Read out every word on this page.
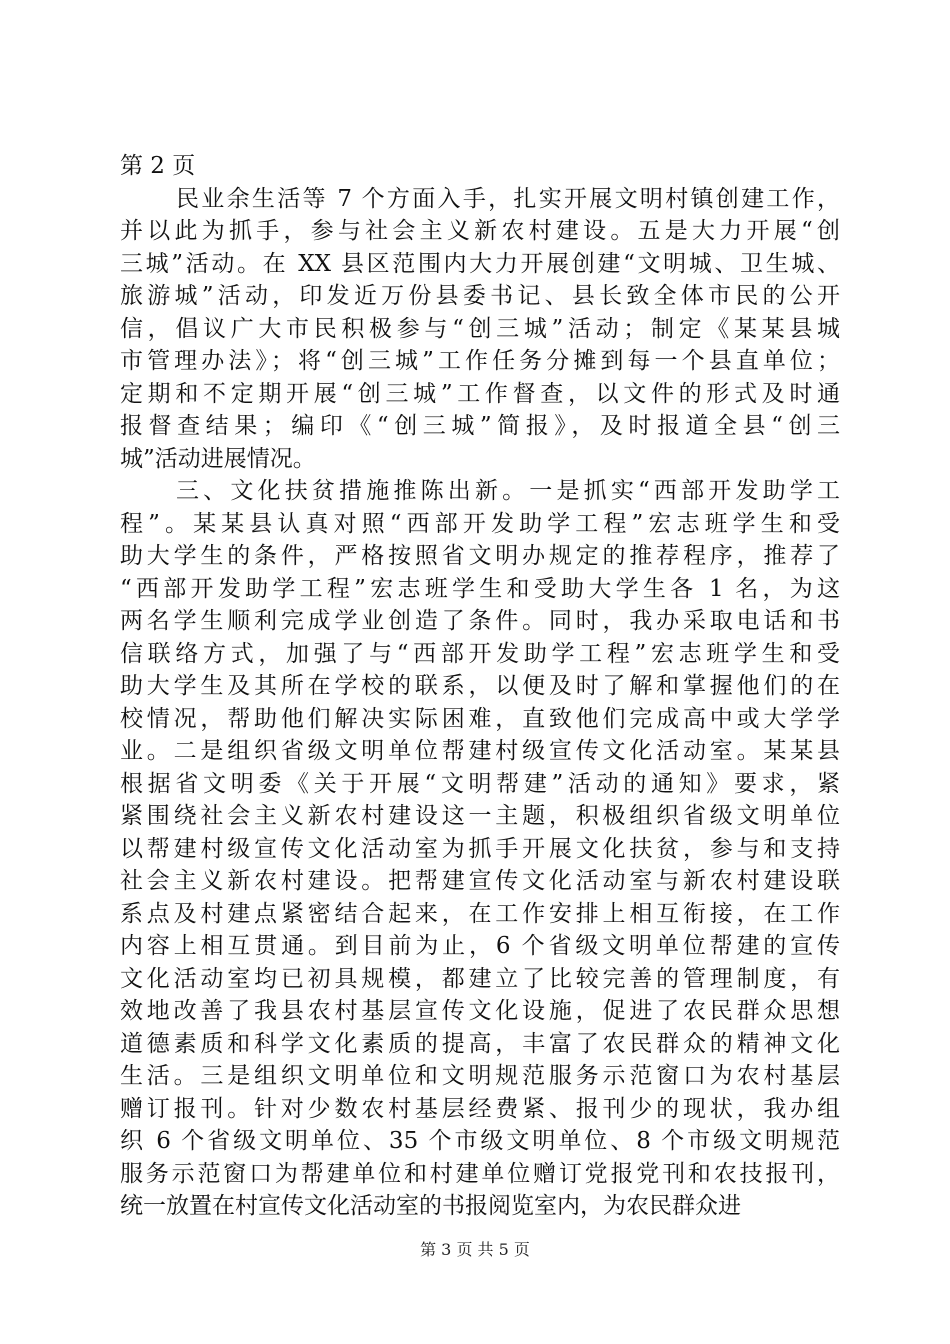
第 2 页
民业余生活等 7 个方面入手，扎实开展文明村镇创建工作，
并以此为抓手，参与社会主义新农村建设。五是大力开展“创
三城”活动。在 XX 县区范围内大力开展创建“文明城、卫生城、
旅游城”活动，印发近万份县委书记、县长致全体市民的公开
信，倡议广大市民积极参与“创三城”活动；制定《某某县城
市管理办法》；将“创三城”工作任务分摊到每一个县直单位；
定期和不定期开展“创三城”工作督查，以文件的形式及时通
报督查结果；编印《“创三城”简报》，及时报道全县“创三
城”活动进展情况。
三、文化扶贫措施推陈出新。一是抓实“西部开发助学工
程”。某某县认真对照“西部开发助学工程”宏志班学生和受
助大学生的条件，严格按照省文明办规定的推荐程序，推荐了
“西部开发助学工程”宏志班学生和受助大学生各 1 名，为这
两名学生顺利完成学业创造了条件。同时，我办采取电话和书
信联络方式，加强了与“西部开发助学工程”宏志班学生和受
助大学生及其所在学校的联系，以便及时了解和掌握他们的在
校情况，帮助他们解决实际困难，直致他们完成高中或大学学
业。二是组织省级文明单位帮建村级宣传文化活动室。某某县
根据省文明委《关于开展“文明帮建”活动的通知》要求，紧
紧围绕社会主义新农村建设这一主题，积极组织省级文明单位
以帮建村级宣传文化活动室为抓手开展文化扶贫，参与和支持
社会主义新农村建设。把帮建宣传文化活动室与新农村建设联
系点及村建点紧密结合起来，在工作安排上相互衔接，在工作
内容上相互贯通。到目前为止，6 个省级文明单位帮建的宣传
文化活动室均已初具规模，都建立了比较完善的管理制度，有
效地改善了我县农村基层宣传文化设施，促进了农民群众思想
道德素质和科学文化素质的提高，丰富了农民群众的精神文化
生活。三是组织文明单位和文明规范服务示范窗口为农村基层
赠订报刊。针对少数农村基层经费紧、报刊少的现状，我办组
织 6 个省级文明单位、35 个市级文明单位、8 个市级文明规范
服务示范窗口为帮建单位和村建单位赠订党报党刊和农技报刊，
统一放置在村宣传文化活动室的书报阅览室内，为农民群众进
第 3 页 共 5 页
